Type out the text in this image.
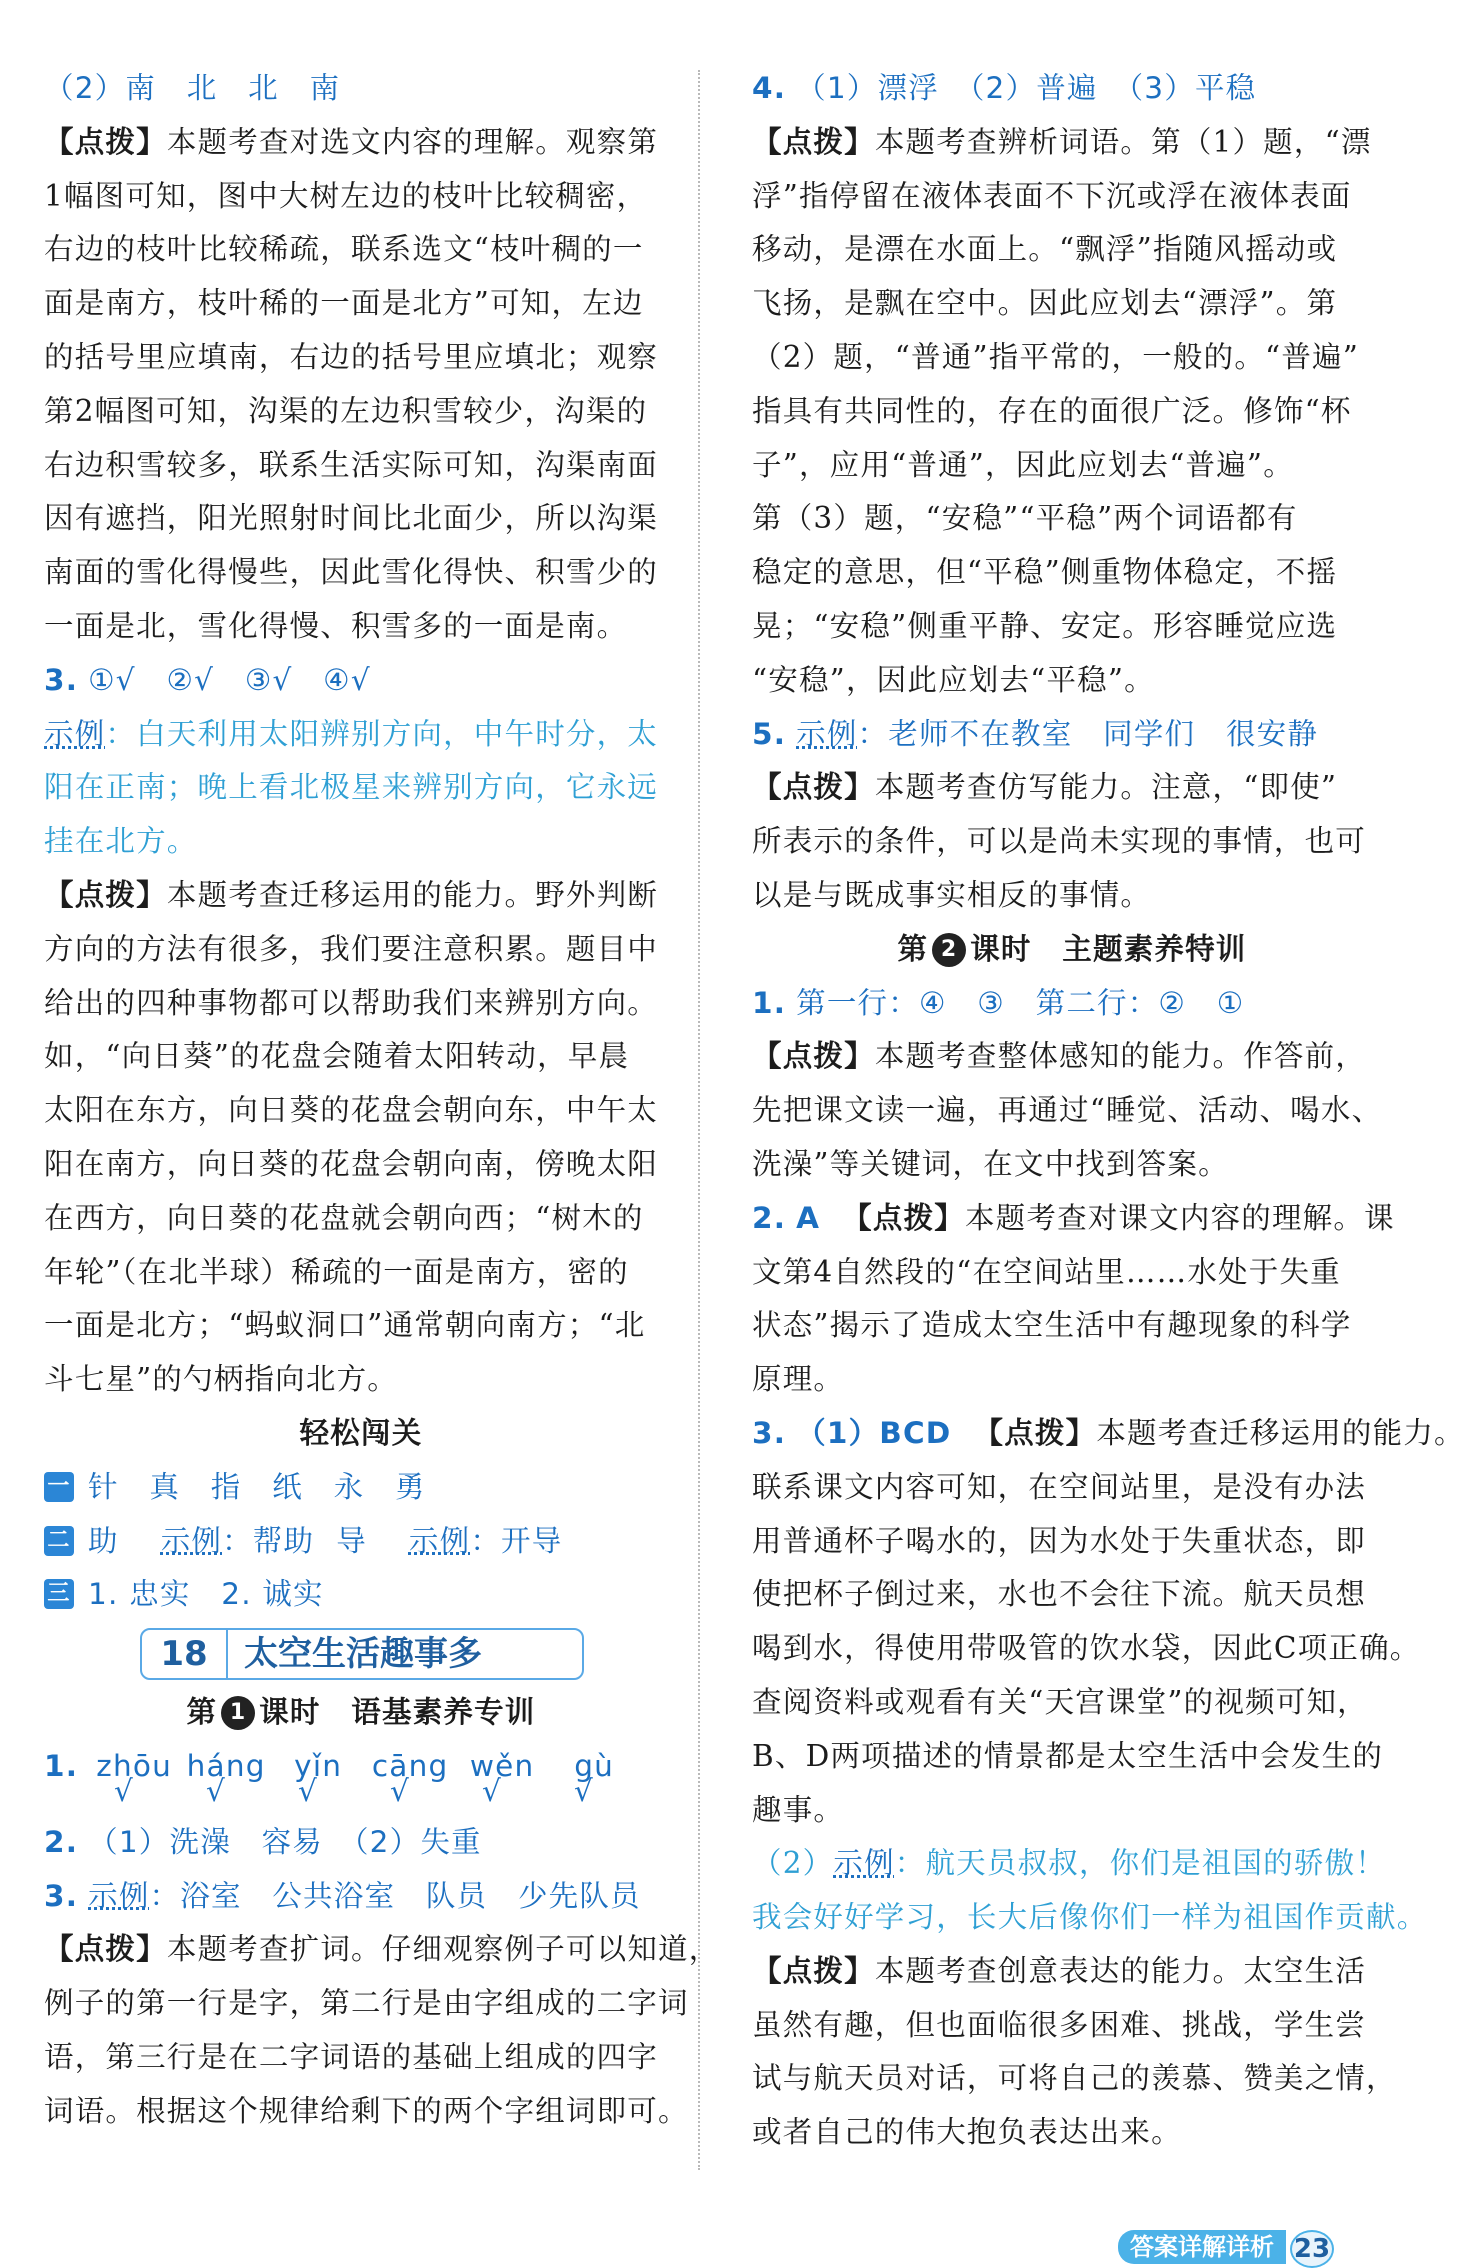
（2）南　北　北　南
【点拨】本题考查对选文内容的理解。观察第
1幅图可知，图中大树左边的枝叶比较稠密，
右边的枝叶比较稀疏，联系选文“枝叶稠的一
面是南方，枝叶稀的一面是北方”可知，左边
的括号里应填南，右边的括号里应填北；观察
第2幅图可知，沟渠的左边积雪较少，沟渠的
右边积雪较多，联系生活实际可知，沟渠南面
因有遮挡，阳光照射时间比北面少，所以沟渠
南面的雪化得慢些，因此雪化得快、积雪少的
一面是北，雪化得慢、积雪多的一面是南。
3. ①√　②√　③√　④√
示例：白天利用太阳辨别方向，中午时分，太
阳在正南；晚上看北极星来辨别方向，它永远
挂在北方。
【点拨】本题考查迁移运用的能力。野外判断
方向的方法有很多，我们要注意积累。题目中
给出的四种事物都可以帮助我们来辨别方向。
如，“向日葵”的花盘会随着太阳转动，早晨
太阳在东方，向日葵的花盘会朝向东，中午太
阳在南方，向日葵的花盘会朝向南，傍晚太阳
在西方，向日葵的花盘就会朝向西；“树木的
年轮”（在北半球）稀疏的一面是南方，密的
一面是北方；“蚂蚁洞口”通常朝向南方；“北
斗七星”的勺柄指向北方。
轻松闯关
一 针　真　指　纸　永　勇
二 助 示例：帮助 导 示例：开导
三 1. 忠实　2. 诚实
18 太空生活趣事多
第 1 课时　语基素养专训
1. zhōu háng yǐn cāng wěn gù
√ √ √ √ √ √
2. （1）洗澡　容易　（2）失重
3. 示例：浴室　公共浴室　队员　少先队员
【点拨】本题考查扩词。仔细观察例子可以知道，
例子的第一行是字，第二行是由字组成的二字词
语，第三行是在二字词语的基础上组成的四字
词语。根据这个规律给剩下的两个字组词即可。
4. （1）漂浮　（2）普遍　（3）平稳
【点拨】本题考查辨析词语。第（1）题，“漂
浮”指停留在液体表面不下沉或浮在液体表面
移动，是漂在水面上。“飘浮”指随风摇动或
飞扬，是飘在空中。因此应划去“漂浮”。第
（2）题，“普通”指平常的，一般的。“普遍”
指具有共同性的，存在的面很广泛。修饰“杯
子”，应用“普通”，因此应划去“普遍”。
第（3）题，“安稳”“平稳”两个词语都有
稳定的意思，但“平稳”侧重物体稳定，不摇
晃；“安稳”侧重平静、安定。形容睡觉应选
“安稳”，因此应划去“平稳”。
5. 示例：老师不在教室　同学们　很安静
【点拨】本题考查仿写能力。注意，“即使”
所表示的条件，可以是尚未实现的事情，也可
以是与既成事实相反的事情。
第 2 课时　主题素养特训
1. 第一行：④　③　第二行：②　①
【点拨】本题考查整体感知的能力。作答前，
先把课文读一遍，再通过“睡觉、活动、喝水、
洗澡”等关键词，在文中找到答案。
2. A 【点拨】本题考查对课文内容的理解。课
文第4自然段的“在空间站里……水处于失重
状态”揭示了造成太空生活中有趣现象的科学
原理。
3. （1）BCD 【点拨】本题考查迁移运用的能力。
联系课文内容可知，在空间站里，是没有办法
用普通杯子喝水的，因为水处于失重状态，即
使把杯子倒过来，水也不会往下流。航天员想
喝到水，得使用带吸管的饮水袋，因此C项正确。
查阅资料或观看有关“天宫课堂”的视频可知，
B、D两项描述的情景都是太空生活中会发生的
趣事。
（2）示例：航天员叔叔，你们是祖国的骄傲！
我会好好学习，长大后像你们一样为祖国作贡献。
【点拨】本题考查创意表达的能力。太空生活
虽然有趣，但也面临很多困难、挑战，学生尝
试与航天员对话，可将自己的羡慕、赞美之情，
或者自己的伟大抱负表达出来。
答案详解详析 23
